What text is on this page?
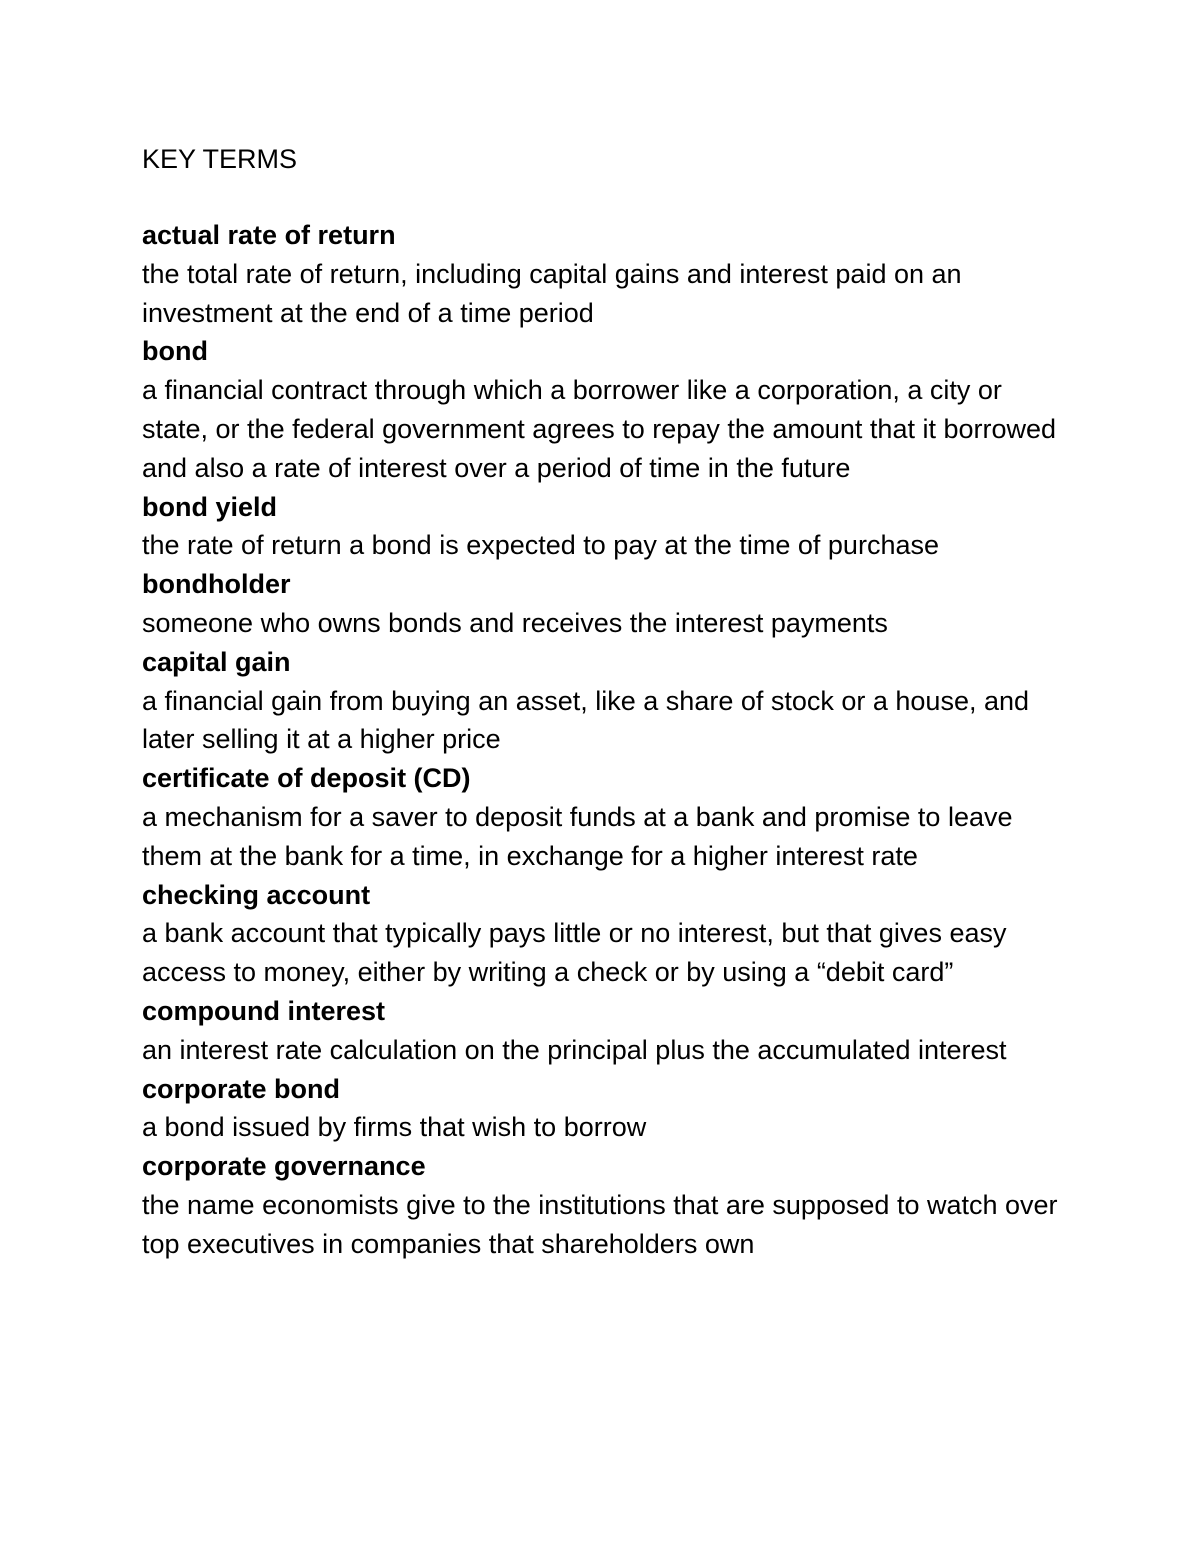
KEY TERMS
actual rate of return
the total rate of return, including capital gains and interest paid on an investment at the end of a time period
bond
a financial contract through which a borrower like a corporation, a city or state, or the federal government agrees to repay the amount that it borrowed and also a rate of interest over a period of time in the future
bond yield
the rate of return a bond is expected to pay at the time of purchase
bondholder
someone who owns bonds and receives the interest payments
capital gain
a financial gain from buying an asset, like a share of stock or a house, and later selling it at a higher price
certificate of deposit (CD)
a mechanism for a saver to deposit funds at a bank and promise to leave them at the bank for a time, in exchange for a higher interest rate
checking account
a bank account that typically pays little or no interest, but that gives easy access to money, either by writing a check or by using a “debit card”
compound interest
an interest rate calculation on the principal plus the accumulated interest
corporate bond
a bond issued by firms that wish to borrow
corporate governance
the name economists give to the institutions that are supposed to watch over top executives in companies that shareholders own
